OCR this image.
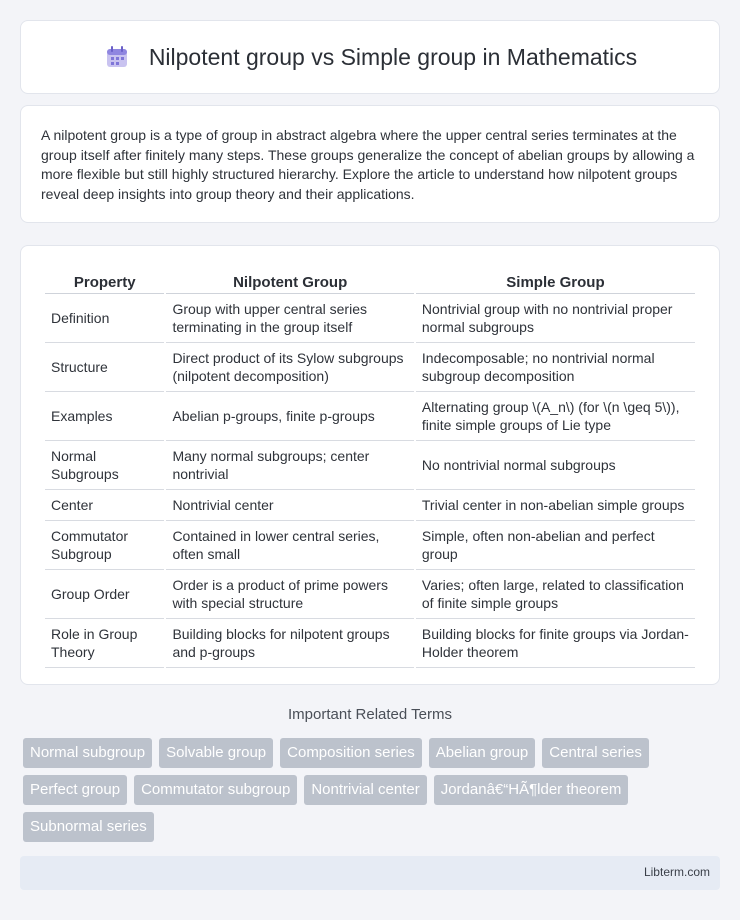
Nilpotent group vs Simple group in Mathematics

A nilpotent group is a type of group in abstract algebra where the upper central series terminates at the group itself after finitely many steps. These groups generalize the concept of abelian groups by allowing a more flexible but still highly structured hierarchy. Explore the article to understand how nilpotent groups reveal deep insights into group theory and their applications.

Property	Nilpotent Group	Simple Group
Definition	Group with upper central series terminating in the group itself	Nontrivial group with no nontrivial proper normal subgroups
Structure	Direct product of its Sylow subgroups (nilpotent decomposition)	Indecomposable; no nontrivial normal subgroup decomposition
Examples	Abelian p-groups, finite p-groups	Alternating group \(A_n\) (for \(n \geq 5\)), finite simple groups of Lie type
Normal Subgroups	Many normal subgroups; center nontrivial	No nontrivial normal subgroups
Center	Nontrivial center	Trivial center in non-abelian simple groups
Commutator Subgroup	Contained in lower central series, often small	Simple, often non-abelian and perfect group
Group Order	Order is a product of prime powers with special structure	Varies; often large, related to classification of finite simple groups
Role in Group Theory	Building blocks for nilpotent groups and p-groups	Building blocks for finite groups via Jordan-Holder theorem
Important Related Terms
Normal subgroup	Solvable group	Composition series	Abelian group	Central series
Perfect group	Commutator subgroup	Nontrivial center	Jordanâ€“HÃ¶lder theorem
Subnormal series
Libterm.com
